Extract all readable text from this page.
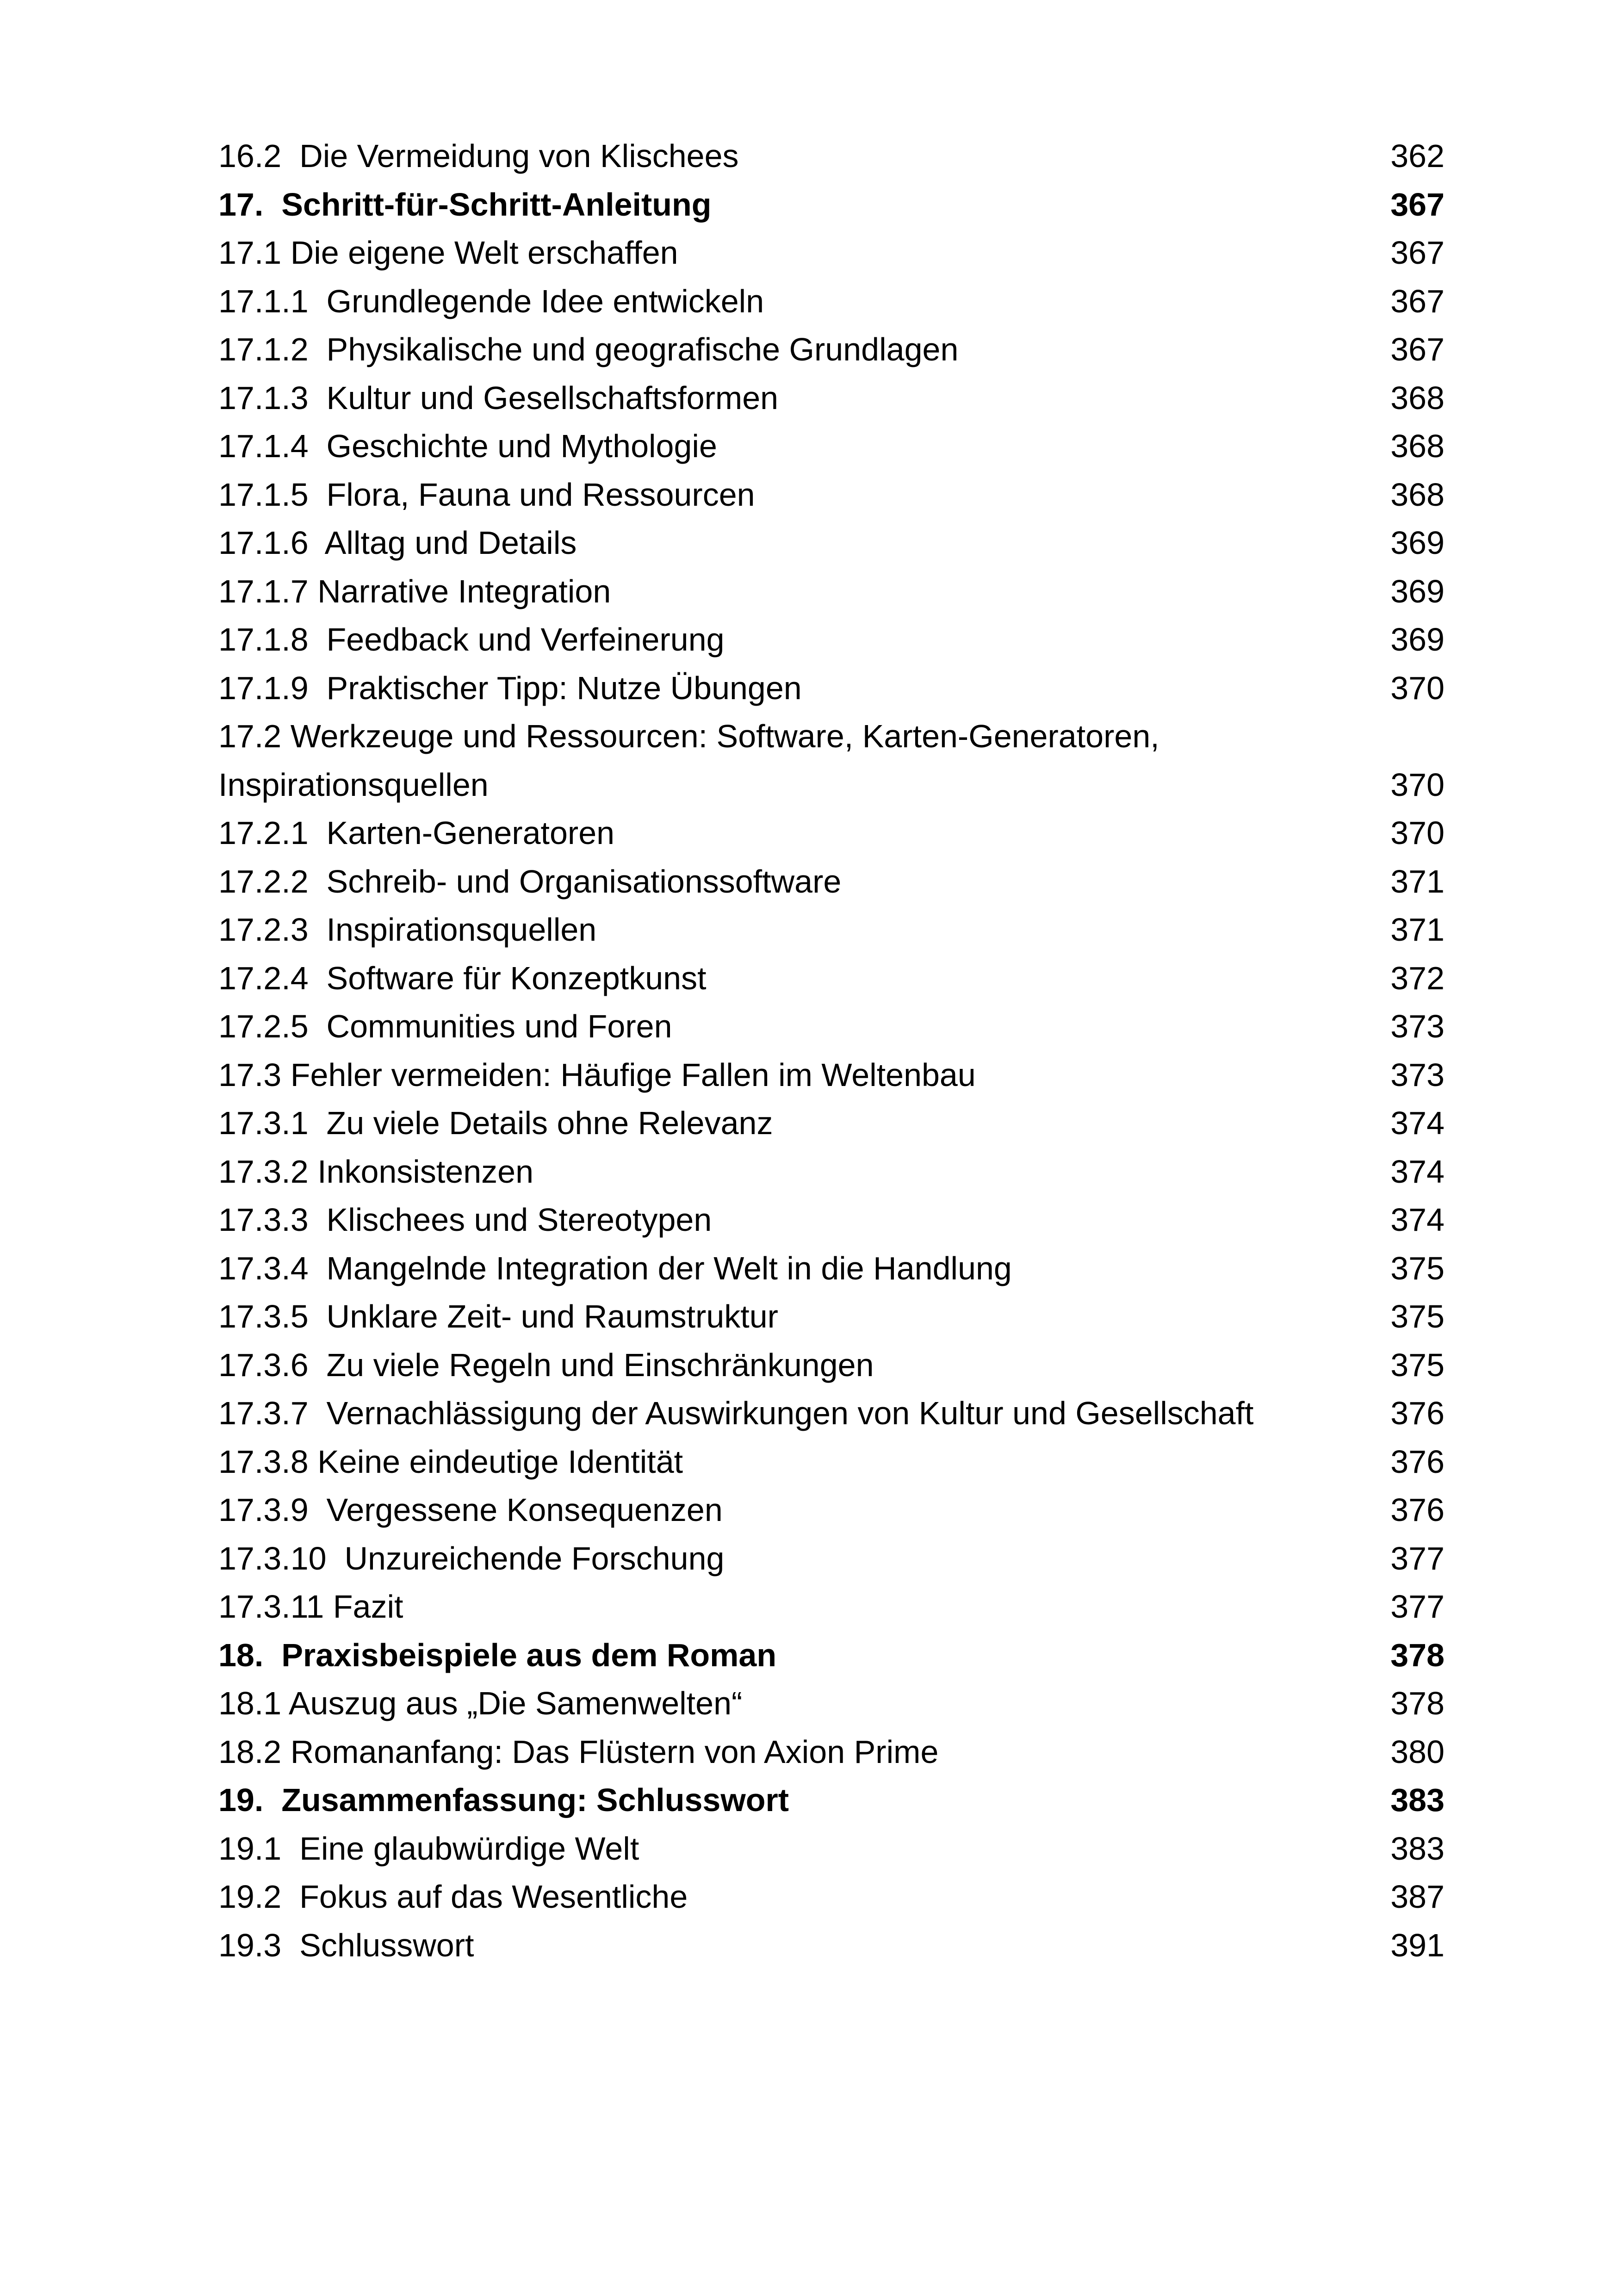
16.2  Die Vermeidung von Klischees	362
17.  Schritt-für-Schritt-Anleitung	367
17.1 Die eigene Welt erschaffen	367
17.1.1  Grundlegende Idee entwickeln	367
17.1.2  Physikalische und geografische Grundlagen	367
17.1.3  Kultur und Gesellschaftsformen	368
17.1.4  Geschichte und Mythologie	368
17.1.5  Flora, Fauna und Ressourcen	368
17.1.6  Alltag und Details	369
17.1.7 Narrative Integration	369
17.1.8  Feedback und Verfeinerung	369
17.1.9  Praktischer Tipp: Nutze Übungen	370
17.2 Werkzeuge und Ressourcen: Software, Karten-Generatoren,
Inspirationsquellen	370
17.2.1  Karten-Generatoren	370
17.2.2  Schreib- und Organisationssoftware	371
17.2.3  Inspirationsquellen	371
17.2.4  Software für Konzeptkunst	372
17.2.5  Communities und Foren	373
17.3 Fehler vermeiden: Häufige Fallen im Weltenbau	373
17.3.1  Zu viele Details ohne Relevanz	374
17.3.2 Inkonsistenzen	374
17.3.3  Klischees und Stereotypen	374
17.3.4  Mangelnde Integration der Welt in die Handlung	375
17.3.5  Unklare Zeit- und Raumstruktur	375
17.3.6  Zu viele Regeln und Einschränkungen	375
17.3.7  Vernachlässigung der Auswirkungen von Kultur und Gesellschaft	376
17.3.8 Keine eindeutige Identität	376
17.3.9  Vergessene Konsequenzen	376
17.3.10  Unzureichende Forschung	377
17.3.11 Fazit	377
18.  Praxisbeispiele aus dem Roman	378
18.1 Auszug aus „Die Samenwelten“	378
18.2 Romananfang: Das Flüstern von Axion Prime	380
19.  Zusammenfassung: Schlusswort	383
19.1  Eine glaubwürdige Welt	383
19.2  Fokus auf das Wesentliche	387
19.3  Schlusswort	391
